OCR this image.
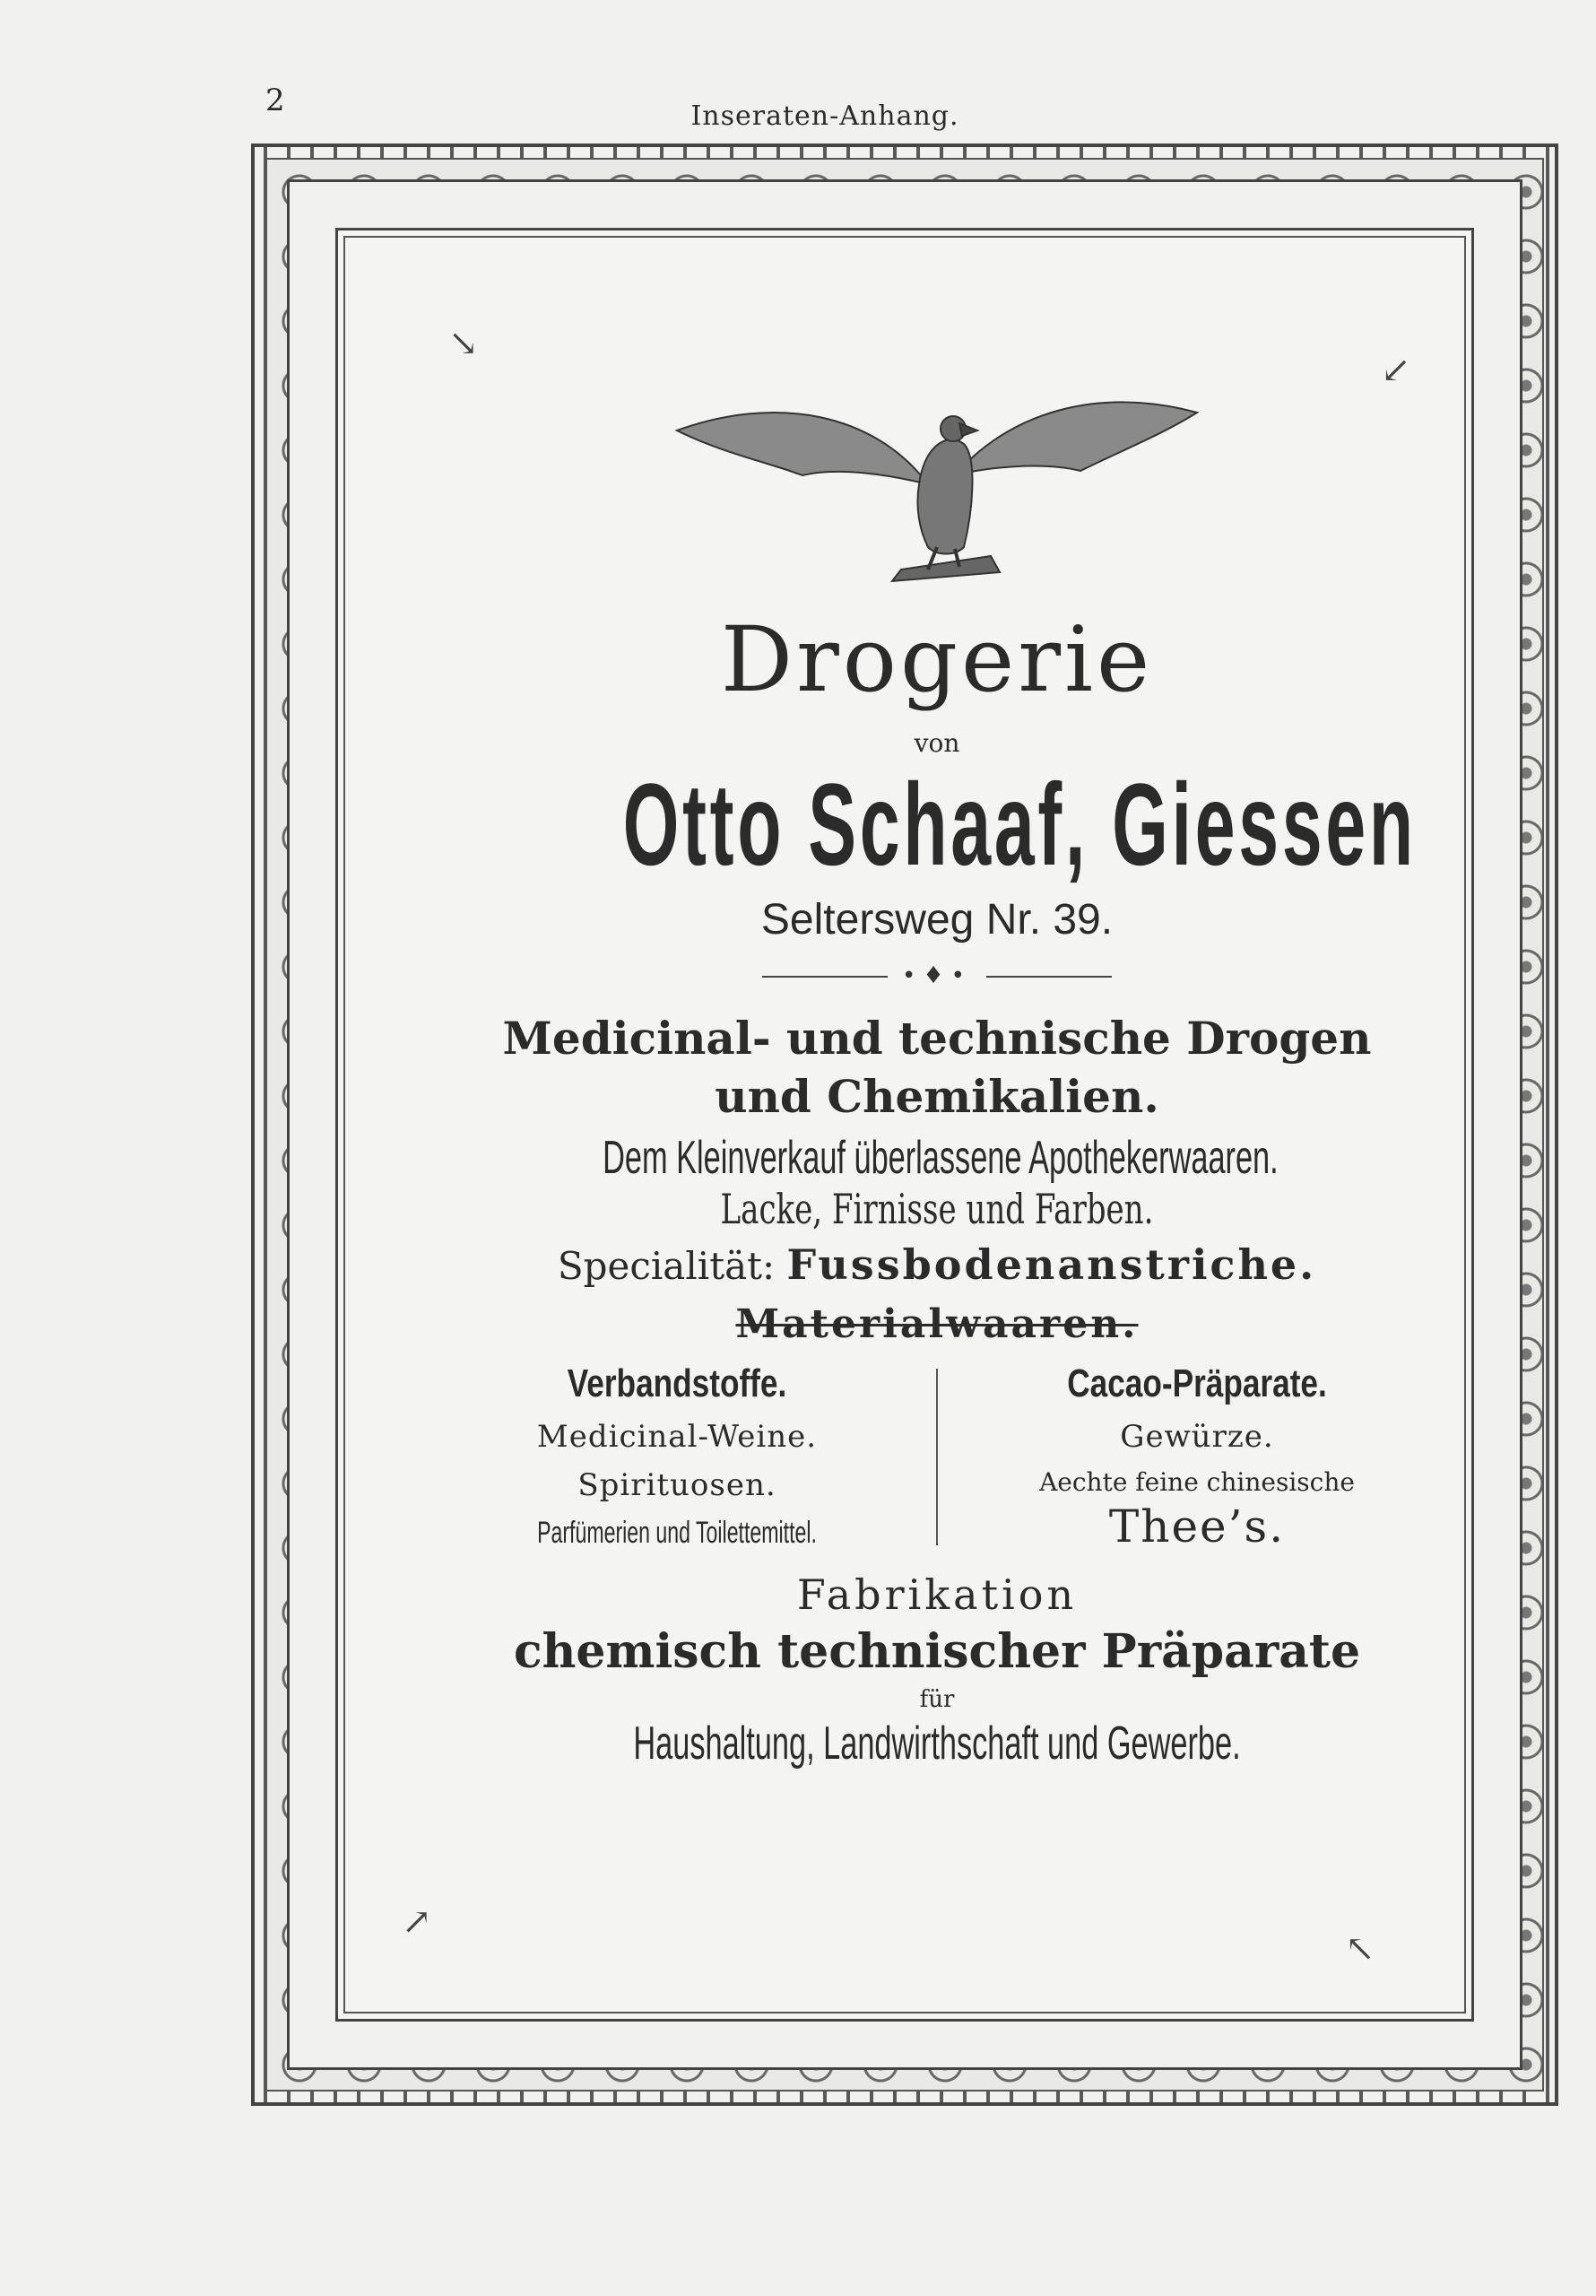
2	Inseraten-Anhang.
↘
↙
↗
↖
Drogerie
von
Otto Schaaf, Giessen
Seltersweg Nr. 39.
•♦•
Medicinal- und technische Drogen
und Chemikalien.
Dem Kleinverkauf überlassene Apothekerwaaren.
Lacke, Firnisse und Farben.
Specialität: Fussbodenanstriche.
Materialwaaren.
Verbandstoffe.
Medicinal-Weine.
Spirituosen.
Parfümerien und Toilettemittel.
Cacao-Präparate.
Gewürze.
Aechte feine chinesische
Thee’s.
Fabrikation
chemisch technischer Präparate
für
Haushaltung, Landwirthschaft und Gewerbe.
